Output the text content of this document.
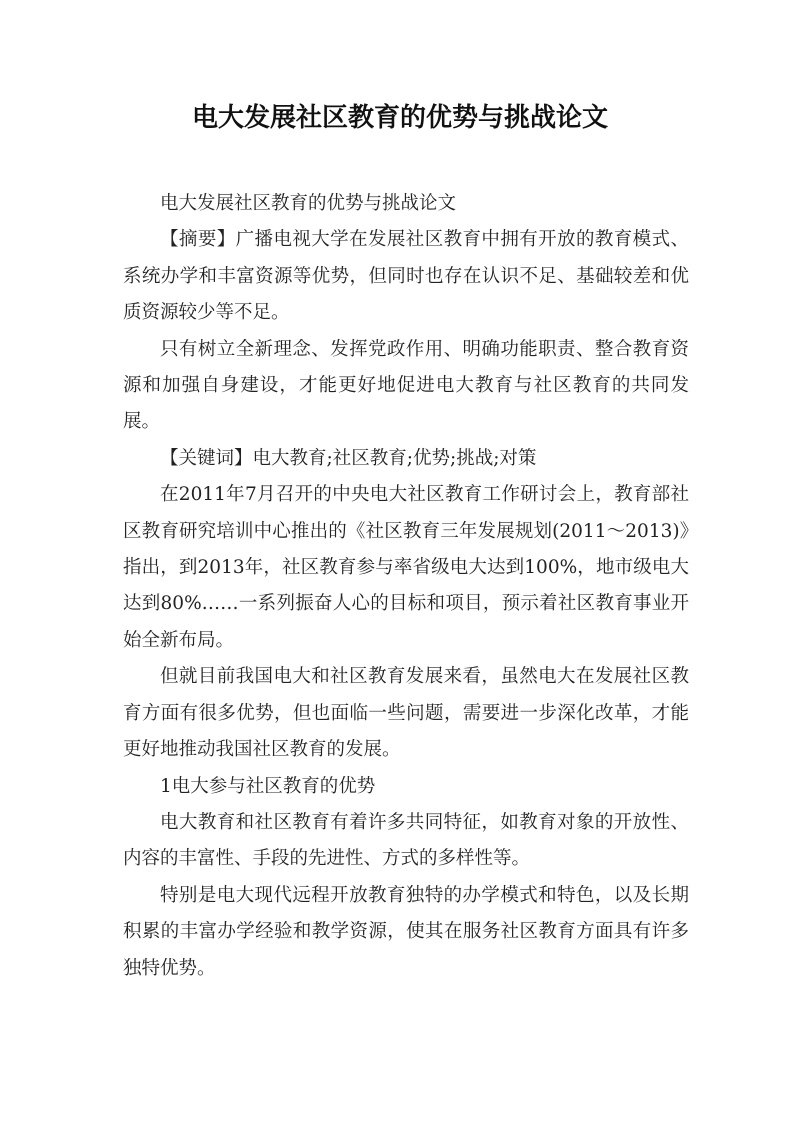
电大发展社区教育的优势与挑战论文

电大发展社区教育的优势与挑战论文

【摘要】广播电视大学在发展社区教育中拥有开放的教育模式、系统办学和丰富资源等优势，但同时也存在认识不足、基础较差和优质资源较少等不足。

只有树立全新理念、发挥党政作用、明确功能职责、整合教育资源和加强自身建设，才能更好地促进电大教育与社区教育的共同发展。

【关键词】电大教育;社区教育;优势;挑战;对策

在2011年7月召开的中央电大社区教育工作研讨会上，教育部社区教育研究培训中心推出的《社区教育三年发展规划(2011～2013)》指出，到2013年，社区教育参与率省级电大达到100%，地市级电大达到80%……一系列振奋人心的目标和项目，预示着社区教育事业开始全新布局。

但就目前我国电大和社区教育发展来看，虽然电大在发展社区教育方面有很多优势，但也面临一些问题，需要进一步深化改革，才能更好地推动我国社区教育的发展。

1电大参与社区教育的优势

电大教育和社区教育有着许多共同特征，如教育对象的开放性、内容的丰富性、手段的先进性、方式的多样性等。

特别是电大现代远程开放教育独特的办学模式和特色，以及长期积累的丰富办学经验和教学资源，使其在服务社区教育方面具有许多独特优势。
